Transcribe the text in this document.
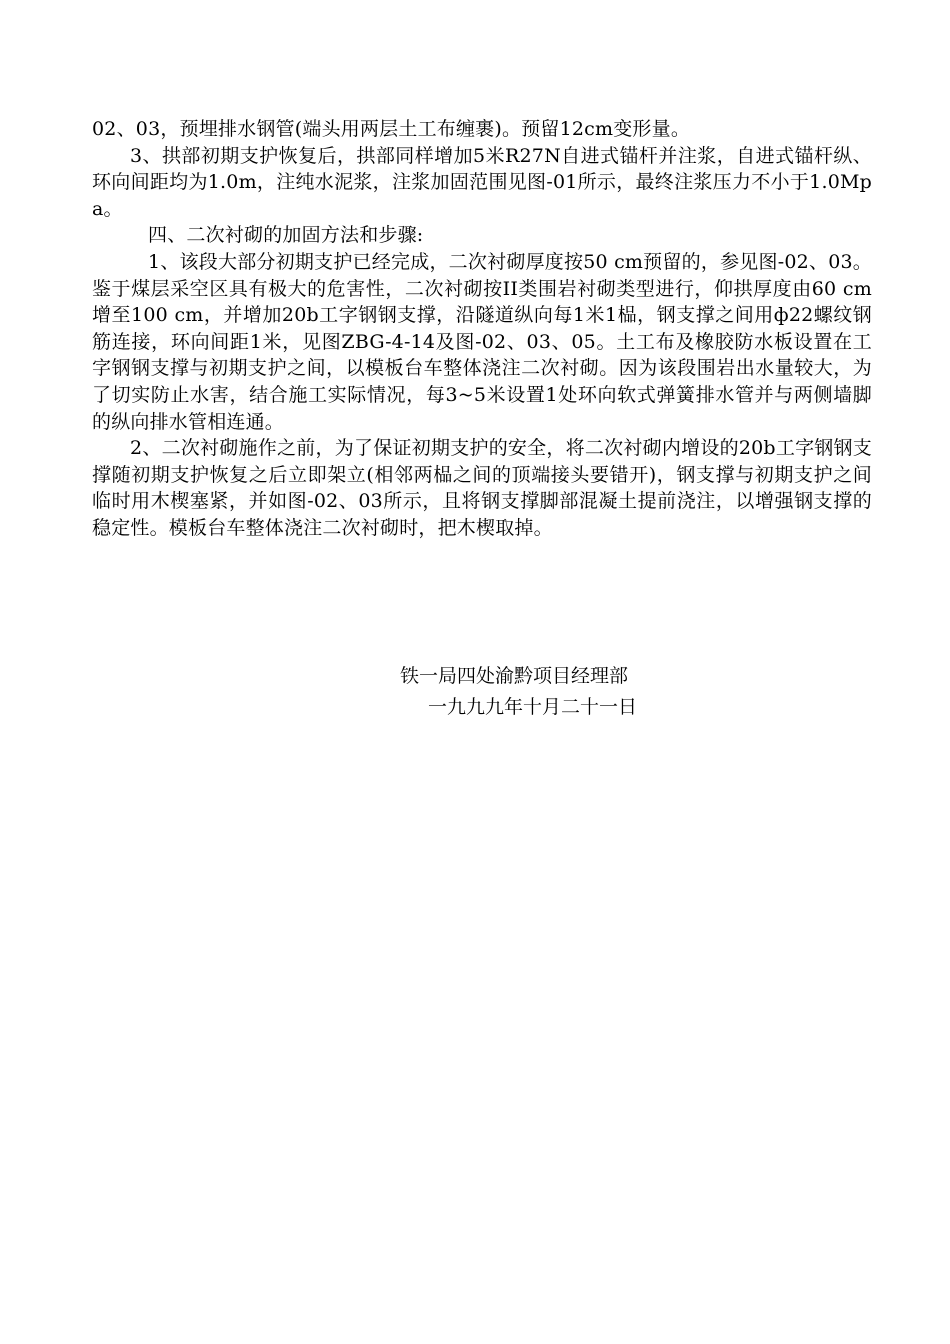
02、03，预埋排水钢管(端头用两层土工布缠裹)。预留12cm变形量。

3、拱部初期支护恢复后，拱部同样增加5米R27N自进式锚杆并注浆，自进式锚杆纵、环向间距均为1.0m，注纯水泥浆，注浆加固范围见图-01所示，最终注浆压力不小于1.0Mpa。

四、二次衬砌的加固方法和步骤:

1、该段大部分初期支护已经完成，二次衬砌厚度按50 cm预留的，参见图-02、03。鉴于煤层采空区具有极大的危害性，二次衬砌按II类围岩衬砌类型进行，仰拱厚度由60 cm增至100 cm，并增加20b工字钢钢支撑，沿隧道纵向每1米1榀，钢支撑之间用ф22螺纹钢筋连接，环向间距1米，见图ZBG-4-14及图-02、03、05。土工布及橡胶防水板设置在工字钢钢支撑与初期支护之间，以模板台车整体浇注二次衬砌。因为该段围岩出水量较大，为了切实防止水害，结合施工实际情况，每3~5米设置1处环向软式弹簧排水管并与两侧墙脚的纵向排水管相连通。

2、二次衬砌施作之前，为了保证初期支护的安全，将二次衬砌内增设的20b工字钢钢支撑随初期支护恢复之后立即架立(相邻两榀之间的顶端接头要错开)，钢支撑与初期支护之间临时用木楔塞紧，并如图-02、03所示，且将钢支撑脚部混凝土提前浇注，以增强钢支撑的稳定性。模板台车整体浇注二次衬砌时，把木楔取掉。

铁一局四处渝黔项目经理部
一九九九年十月二十一日
